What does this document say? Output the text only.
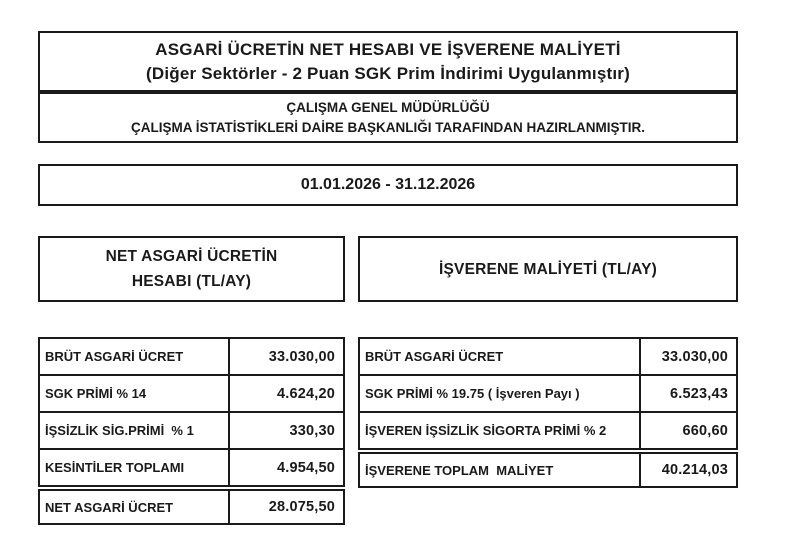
ASGARİ ÜCRETİN NET HESABI VE İŞVERENE MALİYETİ
(Diğer Sektörler - 2 Puan SGK Prim İndirimi Uygulanmıştır)
ÇALIŞMA GENEL MÜDÜRLÜĞÜ
ÇALIŞMA İSTATİSTİKLERİ DAİRE BAŞKANLIĞI TARAFINDAN HAZIRLANMIŞTIR.
01.01.2026 - 31.12.2026
NET ASGARİ ÜCRETİN
HESABI (TL/AY)
İŞVERENE MALİYETİ (TL/AY)
BRÜT ASGARİ ÜCRET	33.030,00
SGK PRİMİ % 14	4.624,20
İŞSİZLİK SİG.PRİMİ  % 1	330,30
KESİNTİLER TOPLAMI	4.954,50
NET ASGARİ ÜCRET	28.075,50
BRÜT ASGARİ ÜCRET	33.030,00
SGK PRİMİ % 19.75 ( İşveren Payı )	6.523,43
İŞVEREN İŞSİZLİK SİGORTA PRİMİ % 2	660,60
İŞVERENE TOPLAM  MALİYET	40.214,03
